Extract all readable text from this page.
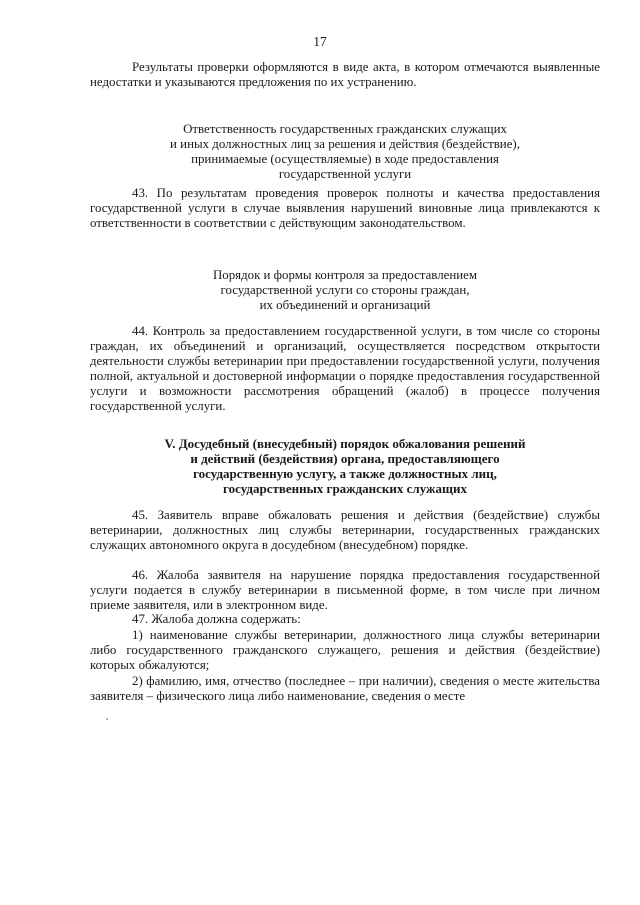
17

Результаты проверки оформляются в виде акта, в котором отмечаются выявленные недостатки и указываются предложения по их устранению.

Ответственность государственных гражданских служащих
и иных должностных лиц за решения и действия (бездействие),
принимаемые (осуществляемые) в ходе предоставления
государственной услуги

43. По результатам проведения проверок полноты и качества предоставления государственной услуги в случае выявления нарушений виновные лица привлекаются к ответственности в соответствии с действующим законодательством.

Порядок и формы контроля за предоставлением
государственной услуги со стороны граждан,
их объединений и организаций

44. Контроль за предоставлением государственной услуги, в том числе со стороны граждан, их объединений и организаций, осуществляется посредством открытости деятельности службы ветеринарии при предоставлении государственной услуги, получения полной, актуальной и достоверной информации о порядке предоставления государственной услуги и возможности рассмотрения обращений (жалоб) в процессе получения государственной услуги.

V. Досудебный (внесудебный) порядок обжалования решений
и действий (бездействия) органа, предоставляющего
государственную услугу, а также должностных лиц,
государственных гражданских служащих

45. Заявитель вправе обжаловать решения и действия (бездействие) службы ветеринарии, должностных лиц службы ветеринарии, государственных гражданских служащих автономного округа в досудебном (внесудебном) порядке.

46. Жалоба заявителя на нарушение порядка предоставления государственной услуги подается в службу ветеринарии в письменной форме, в том числе при личном приеме заявителя, или в электронном виде.

47. Жалоба должна содержать:

1) наименование службы ветеринарии, должностного лица службы ветеринарии либо государственного гражданского служащего, решения и действия (бездействие) которых обжалуются;

2) фамилию, имя, отчество (последнее – при наличии), сведения о месте жительства заявителя – физического лица либо наименование, сведения о месте
